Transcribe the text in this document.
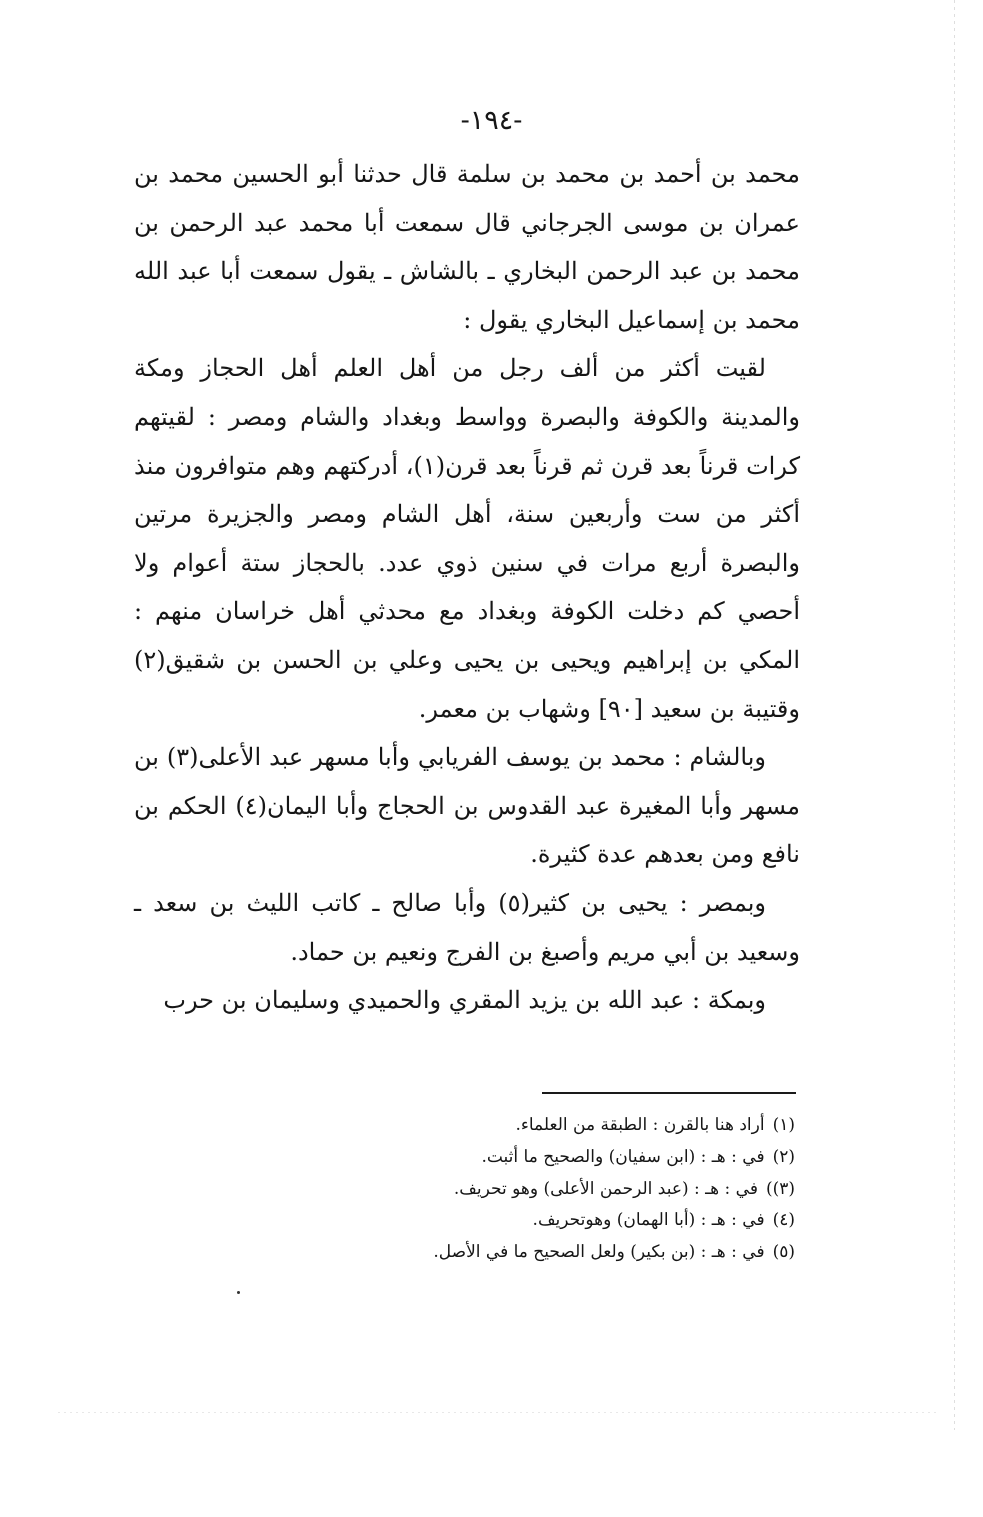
-١٩٤-

محمد بن أحمد بن محمد بن سلمة قال حدثنا أبو الحسين محمد بن عمران بن موسى الجرجاني قال سمعت أبا محمد عبد الرحمن بن محمد بن عبد الرحمن البخاري ـ بالشاش ـ يقول سمعت أبا عبد الله محمد بن إسماعيل البخاري يقول :

لقيت أكثر من ألف رجل من أهل العلم أهل الحجاز ومكة والمدينة والكوفة والبصرة وواسط وبغداد والشام ومصر : لقيتهم كرات قرناً بعد قرن ثم قرناً بعد قرن(١)، أدركتهم وهم متوافرون منذ أكثر من ست وأربعين سنة، أهل الشام ومصر والجزيرة مرتين والبصرة أربع مرات في سنين ذوي عدد. بالحجاز ستة أعوام ولا أحصي كم دخلت الكوفة وبغداد مع محدثي أهل خراسان منهم : المكي بن إبراهيم ويحيى بن يحيى وعلي بن الحسن بن شقيق(٢) وقتيبة بن سعيد [٩٠] وشهاب بن معمر.

وبالشام : محمد بن يوسف الفريابي وأبا مسهر عبد الأعلى(٣) بن مسهر وأبا المغيرة عبد القدوس بن الحجاج وأبا اليمان(٤) الحكم بن نافع ومن بعدهم عدة كثيرة.

وبمصر : يحيى بن كثير(٥) وأبا صالح ـ كاتب الليث بن سعد ـ وسعيد بن أبي مريم وأصبغ بن الفرج ونعيم بن حماد.

وبمكة : عبد الله بن يزيد المقري والحميدي وسليمان بن حرب

(١)أراد هنا بالقرن : الطبقة من العلماء.
(٢)في : هـ : (ابن سفيان) والصحيح ما أثبت.
(٣))في : هـ : (عبد الرحمن الأعلى) وهو تحريف.
(٤)في : هـ : (أبا الهمان) وهوتحريف.
(٥)في : هـ : (بن بكير) ولعل الصحيح ما في الأصل.
